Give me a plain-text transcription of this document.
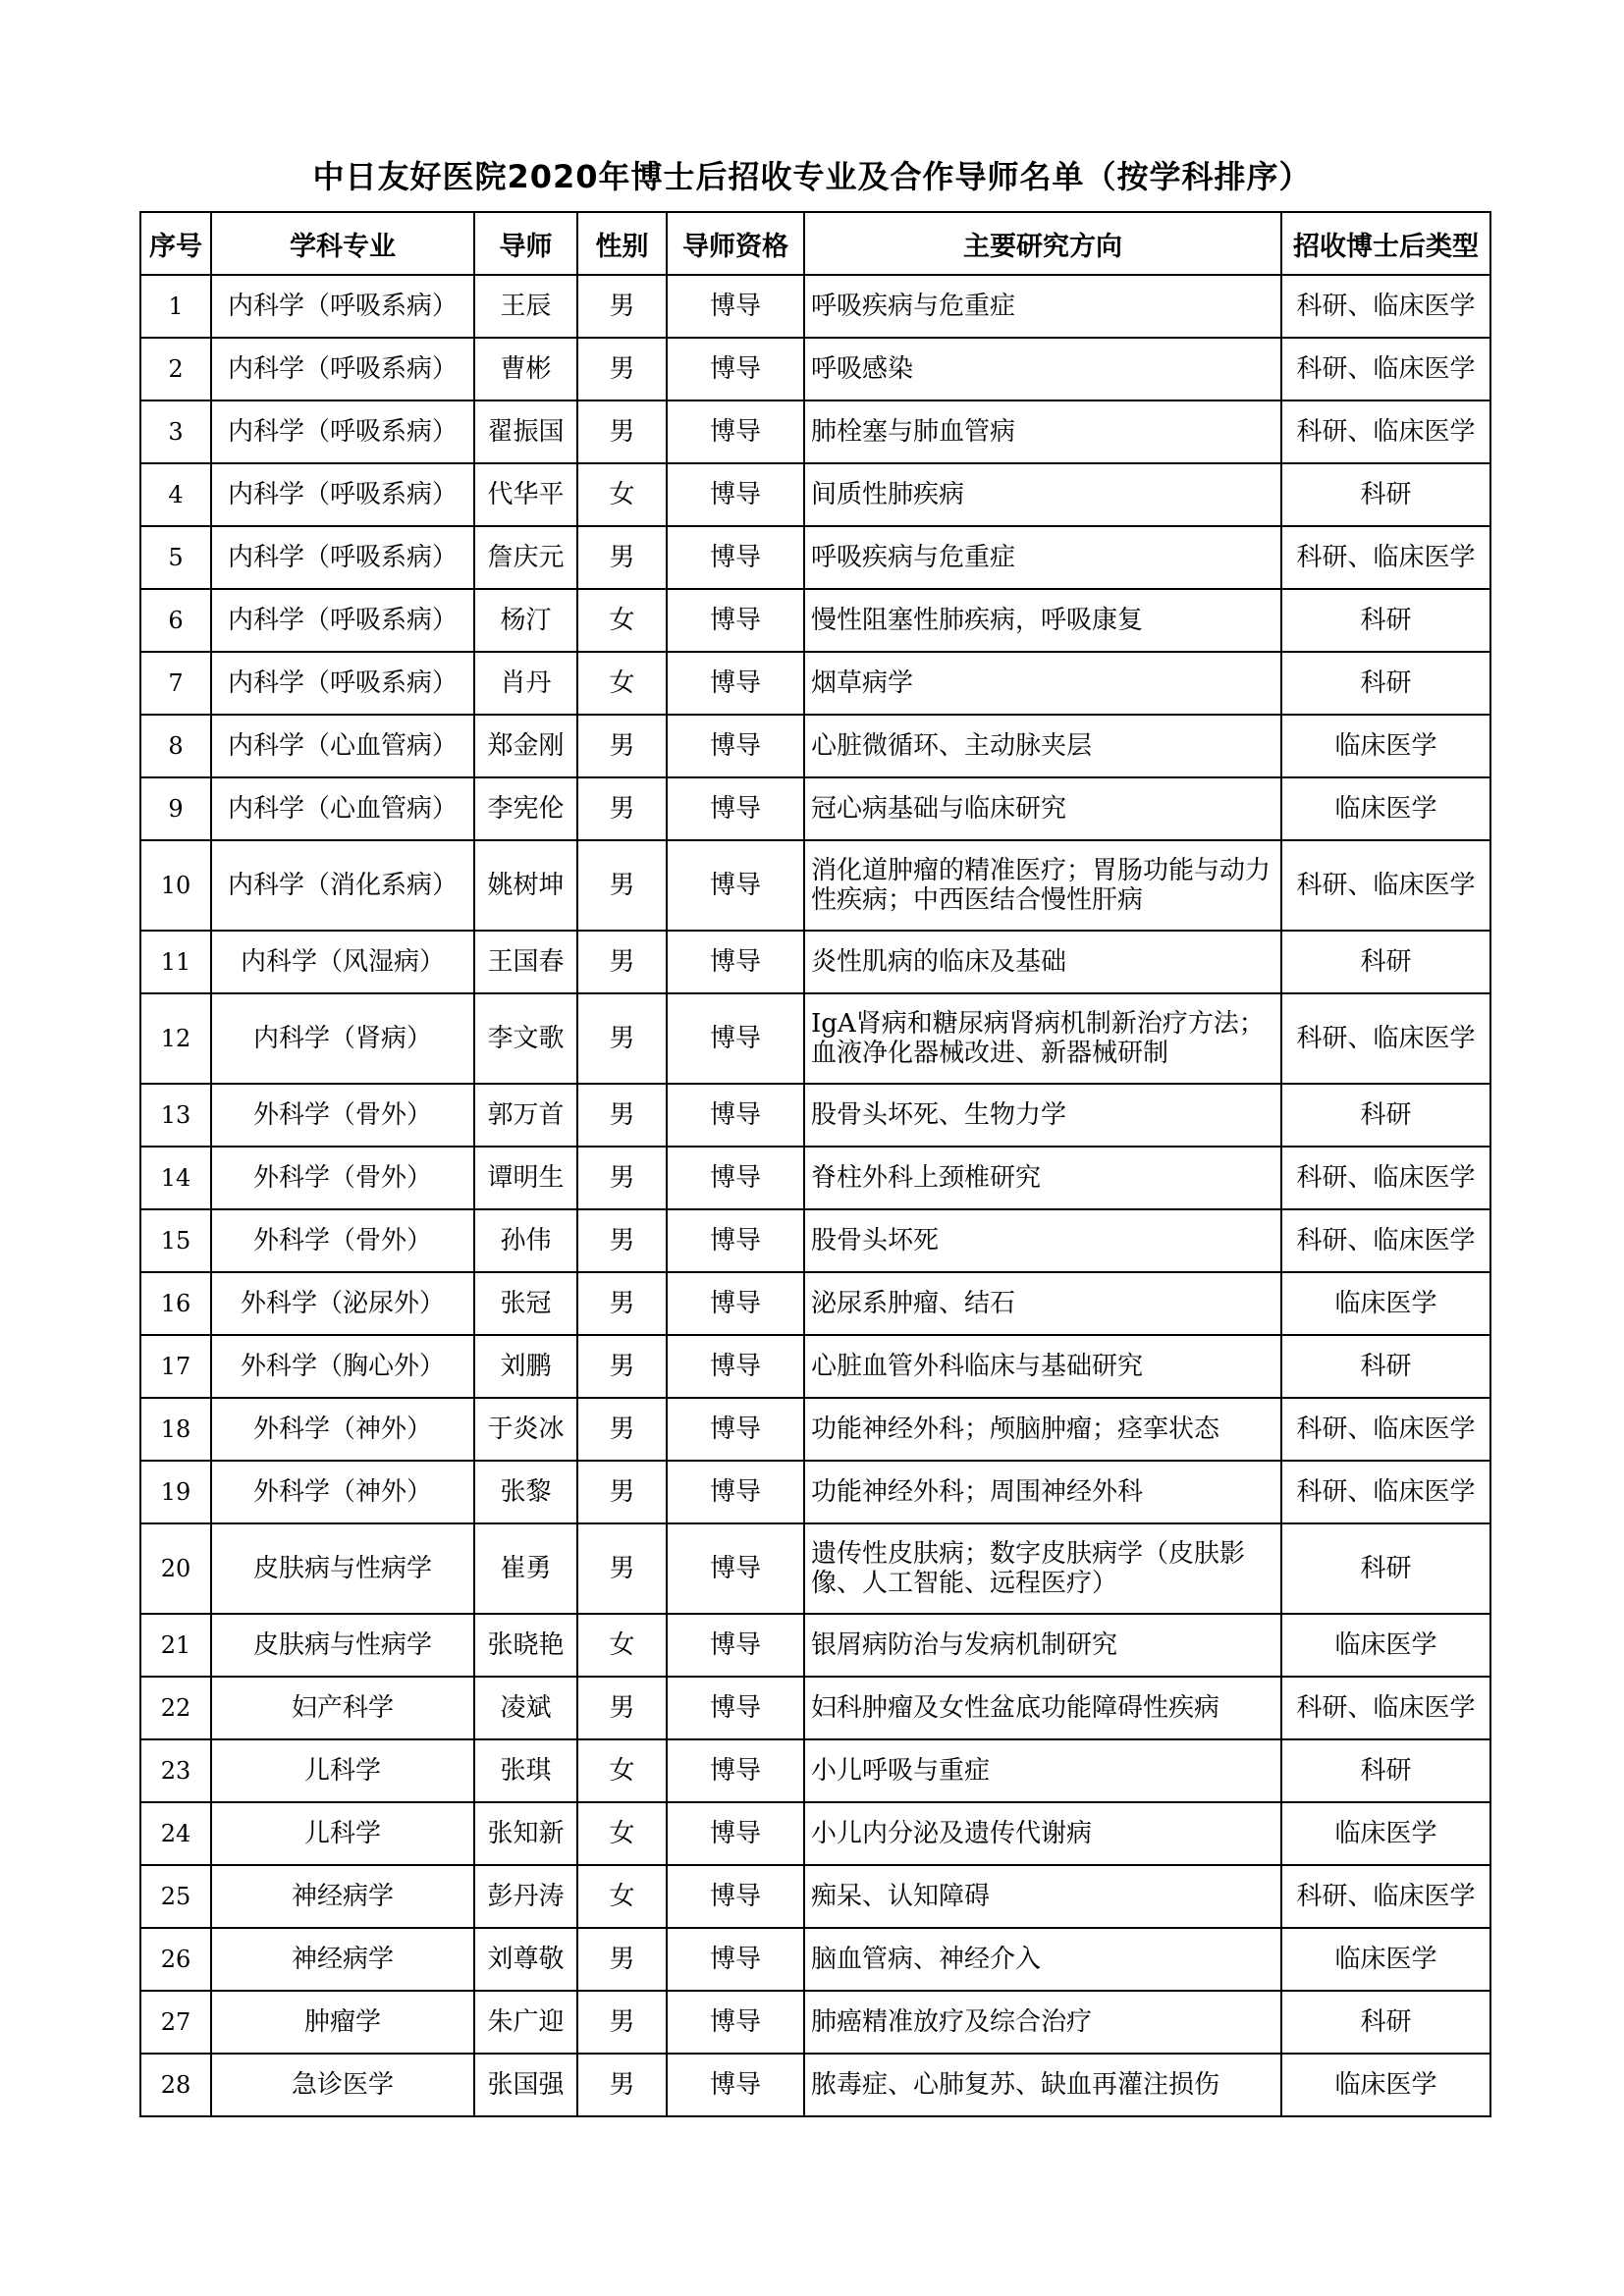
中日友好医院2020年博士后招收专业及合作导师名单（按学科排序）
序号	学科专业	导师	性别	导师资格	主要研究方向	招收博士后类型
1	内科学（呼吸系病）	王辰	男	博导	呼吸疾病与危重症	科研、临床医学
2	内科学（呼吸系病）	曹彬	男	博导	呼吸感染	科研、临床医学
3	内科学（呼吸系病）	翟振国	男	博导	肺栓塞与肺血管病	科研、临床医学
4	内科学（呼吸系病）	代华平	女	博导	间质性肺疾病	科研
5	内科学（呼吸系病）	詹庆元	男	博导	呼吸疾病与危重症	科研、临床医学
6	内科学（呼吸系病）	杨汀	女	博导	慢性阻塞性肺疾病，呼吸康复	科研
7	内科学（呼吸系病）	肖丹	女	博导	烟草病学	科研
8	内科学（心血管病）	郑金刚	男	博导	心脏微循环、主动脉夹层	临床医学
9	内科学（心血管病）	李宪伦	男	博导	冠心病基础与临床研究	临床医学
10	内科学（消化系病）	姚树坤	男	博导	消化道肿瘤的精准医疗；胃肠功能与动力性疾病；中西医结合慢性肝病	科研、临床医学
11	内科学（风湿病）	王国春	男	博导	炎性肌病的临床及基础	科研
12	内科学（肾病）	李文歌	男	博导	IgA肾病和糖尿病肾病机制新治疗方法；血液净化器械改进、新器械研制	科研、临床医学
13	外科学（骨外）	郭万首	男	博导	股骨头坏死、生物力学	科研
14	外科学（骨外）	谭明生	男	博导	脊柱外科上颈椎研究	科研、临床医学
15	外科学（骨外）	孙伟	男	博导	股骨头坏死	科研、临床医学
16	外科学（泌尿外）	张冠	男	博导	泌尿系肿瘤、结石	临床医学
17	外科学（胸心外）	刘鹏	男	博导	心脏血管外科临床与基础研究	科研
18	外科学（神外）	于炎冰	男	博导	功能神经外科；颅脑肿瘤；痉挛状态	科研、临床医学
19	外科学（神外）	张黎	男	博导	功能神经外科；周围神经外科	科研、临床医学
20	皮肤病与性病学	崔勇	男	博导	遗传性皮肤病；数字皮肤病学（皮肤影像、人工智能、远程医疗）	科研
21	皮肤病与性病学	张晓艳	女	博导	银屑病防治与发病机制研究	临床医学
22	妇产科学	凌斌	男	博导	妇科肿瘤及女性盆底功能障碍性疾病	科研、临床医学
23	儿科学	张琪	女	博导	小儿呼吸与重症	科研
24	儿科学	张知新	女	博导	小儿内分泌及遗传代谢病	临床医学
25	神经病学	彭丹涛	女	博导	痴呆、认知障碍	科研、临床医学
26	神经病学	刘尊敬	男	博导	脑血管病、神经介入	临床医学
27	肿瘤学	朱广迎	男	博导	肺癌精准放疗及综合治疗	科研
28	急诊医学	张国强	男	博导	脓毒症、心肺复苏、缺血再灌注损伤	临床医学
